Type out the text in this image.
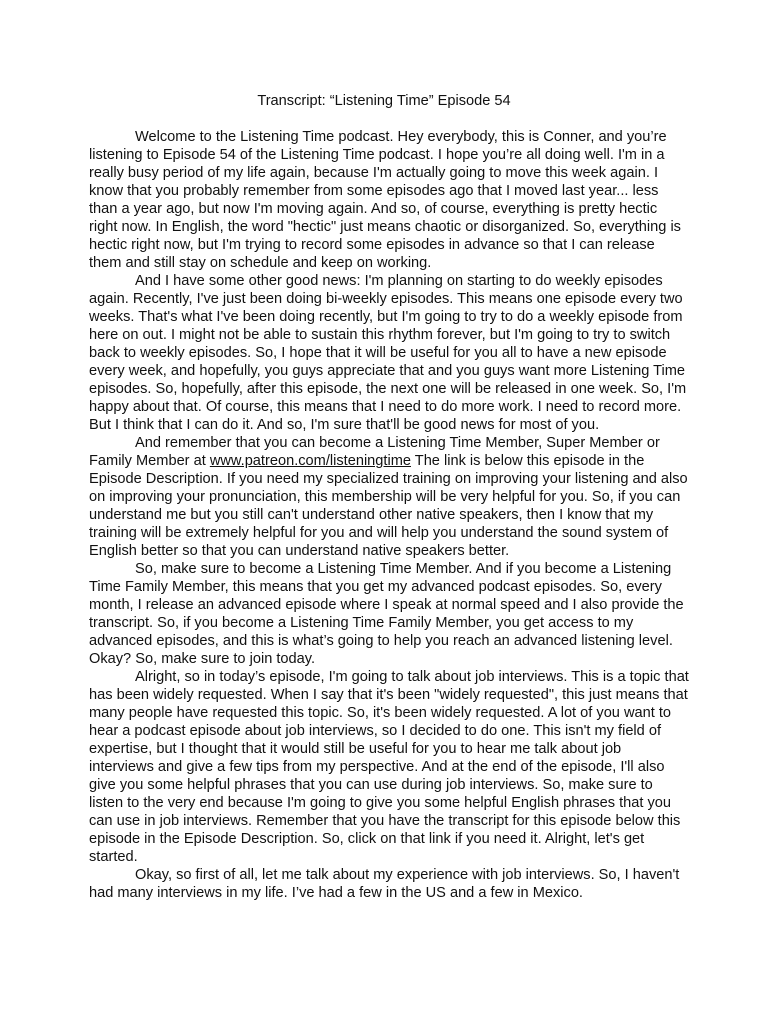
Transcript: “Listening Time” Episode 54

Welcome to the Listening Time podcast. Hey everybody, this is Conner, and you’re listening to Episode 54 of the Listening Time podcast. I hope you’re all doing well. I'm in a really busy period of my life again, because I'm actually going to move this week again. I know that you probably remember from some episodes ago that I moved last year... less than a year ago, but now I'm moving again. And so, of course, everything is pretty hectic right now. In English, the word "hectic" just means chaotic or disorganized. So, everything is hectic right now, but I'm trying to record some episodes in advance so that I can release them and still stay on schedule and keep on working.

And I have some other good news: I'm planning on starting to do weekly episodes again. Recently, I've just been doing bi-weekly episodes. This means one episode every two weeks. That's what I've been doing recently, but I'm going to try to do a weekly episode from here on out. I might not be able to sustain this rhythm forever, but I'm going to try to switch back to weekly episodes. So, I hope that it will be useful for you all to have a new episode every week, and hopefully, you guys appreciate that and you guys want more Listening Time episodes. So, hopefully, after this episode, the next one will be released in one week. So, I'm happy about that. Of course, this means that I need to do more work. I need to record more. But I think that I can do it. And so, I'm sure that'll be good news for most of you.

And remember that you can become a Listening Time Member, Super Member or Family Member at www.patreon.com/listeningtime The link is below this episode in the Episode Description. If you need my specialized training on improving your listening and also on improving your pronunciation, this membership will be very helpful for you. So, if you can understand me but you still can't understand other native speakers, then I know that my training will be extremely helpful for you and will help you understand the sound system of English better so that you can understand native speakers better.

So, make sure to become a Listening Time Member. And if you become a Listening Time Family Member, this means that you get my advanced podcast episodes. So, every month, I release an advanced episode where I speak at normal speed and I also provide the transcript. So, if you become a Listening Time Family Member, you get access to my advanced episodes, and this is what’s going to help you reach an advanced listening level. Okay? So, make sure to join today.

Alright, so in today’s episode, I'm going to talk about job interviews. This is a topic that has been widely requested. When I say that it's been "widely requested", this just means that many people have requested this topic. So, it's been widely requested. A lot of you want to hear a podcast episode about job interviews, so I decided to do one. This isn't my field of expertise, but I thought that it would still be useful for you to hear me talk about job interviews and give a few tips from my perspective. And at the end of the episode, I'll also give you some helpful phrases that you can use during job interviews. So, make sure to listen to the very end because I'm going to give you some helpful English phrases that you can use in job interviews. Remember that you have the transcript for this episode below this episode in the Episode Description. So, click on that link if you need it. Alright, let's get started.

Okay, so first of all, let me talk about my experience with job interviews. So, I haven't had many interviews in my life. I’ve had a few in the US and a few in Mexico.
